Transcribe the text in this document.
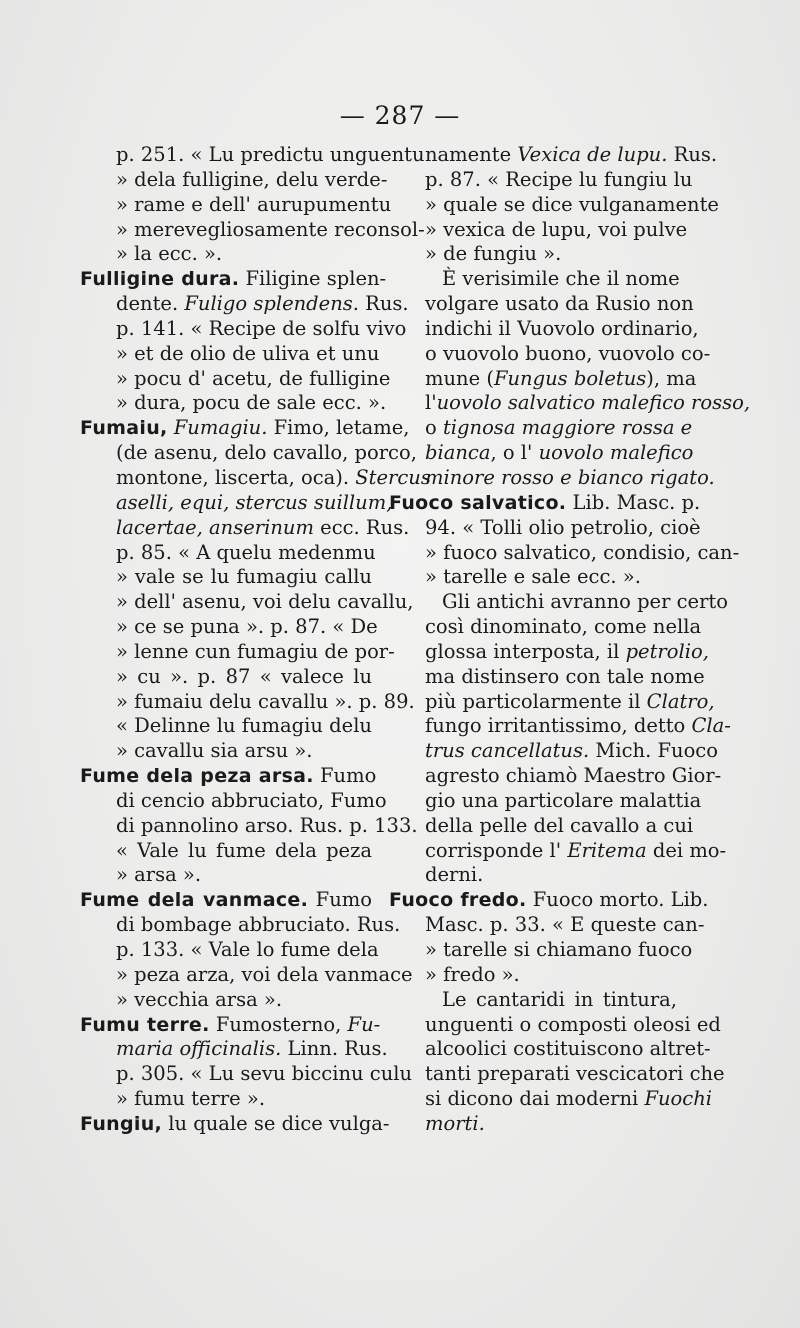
— 287 —
p. 251. « Lu predictu unguentu
» dela fulligine, delu verde-
» rame e dell' aurupumentu
» merevegliosamente reconsol-
» la ecc. ».
Fulligine dura. Filigine splen-
dente. Fuligo splendens. Rus.
p. 141. « Recipe de solfu vivo
» et de olio de uliva et unu
» pocu d' acetu, de fulligine
» dura, pocu de sale ecc. ».
Fumaiu, Fumagiu. Fimo, letame,
(de asenu, delo cavallo, porco,
montone, liscerta, oca). Stercus
aselli, equi, stercus suillum,
lacertae, anserinum ecc. Rus.
p. 85. « A quelu medenmu
» vale se lu fumagiu callu
» dell' asenu, voi delu cavallu,
» ce se puna ». p. 87. « De
» lenne cun fumagiu de por-
» cu ». p. 87 « valece lu
» fumaiu delu cavallu ». p. 89.
« Delinne lu fumagiu delu
» cavallu sia arsu ».
Fume dela peza arsa. Fumo
di cencio abbruciato, Fumo
di pannolino arso. Rus. p. 133.
« Vale lu fume dela peza
» arsa ».
Fume dela vanmace. Fumo
di bombage abbruciato. Rus.
p. 133. « Vale lo fume dela
» peza arza, voi dela vanmace
» vecchia arsa ».
Fumu terre. Fumosterno, Fu-
maria officinalis. Linn. Rus.
p. 305. « Lu sevu biccinu culu
» fumu terre ».
Fungiu, lu quale se dice vulga-
namente Vexica de lupu. Rus.
p. 87. « Recipe lu fungiu lu
» quale se dice vulganamente
» vexica de lupu, voi pulve
» de fungiu ».
È verisimile che il nome
volgare usato da Rusio non
indichi il Vuovolo ordinario,
o vuovolo buono, vuovolo co-
mune (Fungus boletus), ma
l'uovolo salvatico malefico rosso,
o tignosa maggiore rossa e
bianca, o l' uovolo malefico
minore rosso e bianco rigato.
Fuoco salvatico. Lib. Masc. p.
94. « Tolli olio petrolio, cioè
» fuoco salvatico, condisio, can-
» tarelle e sale ecc. ».
Gli antichi avranno per certo
così dinominato, come nella
glossa interposta, il petrolio,
ma distinsero con tale nome
più particolarmente il Clatro,
fungo irritantissimo, detto Cla-
trus cancellatus. Mich. Fuoco
agresto chiamò Maestro Gior-
gio una particolare malattia
della pelle del cavallo a cui
corrisponde l' Eritema dei mo-
derni.
Fuoco fredo. Fuoco morto. Lib.
Masc. p. 33. « E queste can-
» tarelle si chiamano fuoco
» fredo ».
Le cantaridi in tintura,
unguenti o composti oleosi ed
alcoolici costituiscono altret-
tanti preparati vescicatori che
si dicono dai moderni Fuochi
morti.
